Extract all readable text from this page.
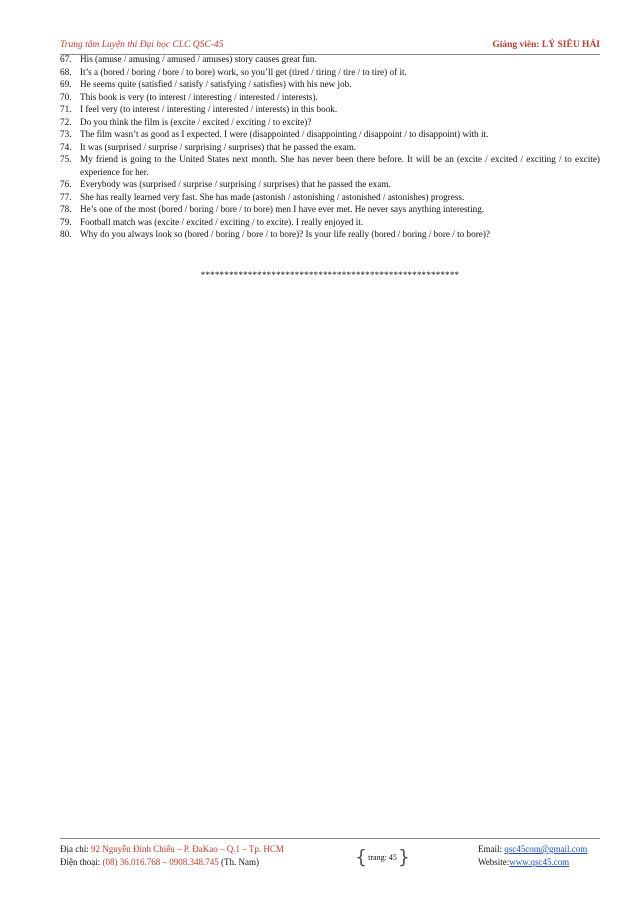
Trung tâm Luyện thi Đại học CLC QSC-45	Giảng viên: LÝ SIÊU HẢI
67. His (amuse / amusing / amused / amuses) story causes great fun.
68. It’s a (bored / boring / bore / to bore) work, so you’ll get (tired / tiring / tire / to tire) of it.
69. He seems quite (satisfied / satisfy / satisfying / satisfies) with his new job.
70. This book is very (to interest / interesting / interested / interests).
71. I feel very (to interest / interesting / interested / interests) in this book.
72. Do you think the film is (excite / excited / exciting / to excite)?
73. The film wasn’t as good as I expected. I were (disappointed / disappointing / disappoint / to disappoint) with it.
74. It was (surprised / surprise / surprising / surprises) that he passed the exam.
75. My friend is going to the United States next month. She has never been there before. It will be an (excite / excited / exciting / to excite) experience for her.
76. Everybody was (surprised / surprise / surprising / surprises) that he passed the exam.
77. She has really learned very fast. She has made (astonish / astonishing / astonished / astonishes) progress.
78. He’s one of the most (bored / boring / bore / to bore) men I have ever met. He never says anything interesting.
79. Football match was (excite / excited / exciting / to excite). I really enjoyed it.
80. Why do you always look so (bored / boring / bore / to bore)? Is your life really (bored / boring / bore / to bore)?
*******************************************************
Địa chỉ: 92 Nguyễn Đình Chiểu – P. ĐaKao – Q.1 – Tp. HCM
Điện thoại: (08) 36.016.768 – 0908.348.745 (Th. Nam)	{ trang: 45 }	Email: qsc45com@gmail.com
Website:www.qsc45.com
